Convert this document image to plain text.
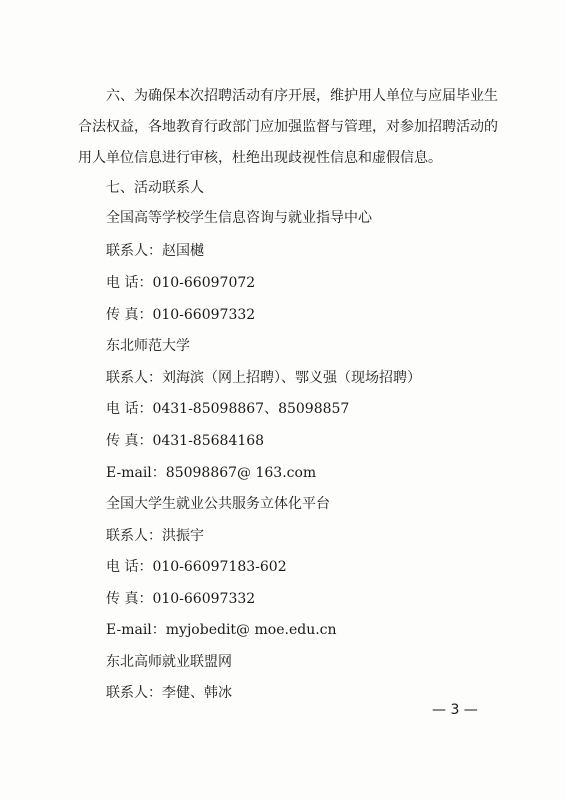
六、为确保本次招聘活动有序开展，维护用人单位与应届毕业生合法权益，各地教育行政部门应加强监督与管理，对参加招聘活动的用人单位信息进行审核，杜绝出现歧视性信息和虚假信息。

七、活动联系人
全国高等学校学生信息咨询与就业指导中心
联系人：赵国樾
电 话：010-66097072
传 真：010-66097332
东北师范大学
联系人：刘海滨（网上招聘）、鄂义强（现场招聘）
电 话：0431-85098867、85098857
传 真：0431-85684168
E-mail：85098867@ 163.com
全国大学生就业公共服务立体化平台
联系人：洪振宇
电 话：010-66097183-602
传 真：010-66097332
E-mail：myjobedit@ moe.edu.cn
东北高师就业联盟网
联系人：李健、韩冰
— 3 —
